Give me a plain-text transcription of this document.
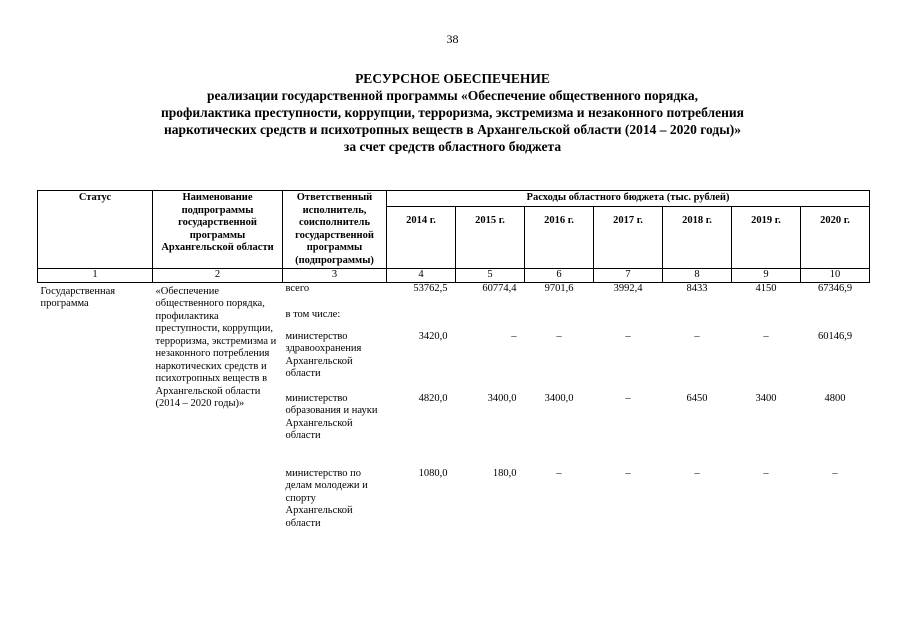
38
РЕСУРСНОЕ ОБЕСПЕЧЕНИЕ
реализации государственной программы «Обеспечение общественного порядка,
профилактика преступности, коррупции, терроризма, экстремизма и незаконного потребления
наркотических средств и психотропных веществ в Архангельской области (2014 – 2020 годы)»
за счет средств областного бюджета
Статус	Наименование подпрограммы государственной программы Архангельской области	Ответственный исполнитель, соисполнитель государственной программы (подпрограммы)	Расходы областного бюджета (тыс. рублей)						
			2014 г.	2015 г.	2016 г.	2017 г.	2018 г.	2019 г.	2020 г.
1	2	3	4	5	6	7	8	9	10
Государственная программа	«Обеспечение общественного порядка, профилактика преступности, коррупции, терроризма, экстремизма и незаконного потребления наркотических средств и психотропных веществ в Архангельской области (2014 – 2020 годы)»	всего	53762,5	60774,4	9701,6	3992,4	8433	4150	67346,9
		в том числе:							
		министерство здравоохранения Архангельской области	3420,0	–	–	–	–	–	60146,9
		министерство образования и науки Архангельской области	4820,0	3400,0	3400,0	–	6450	3400	4800
		министерство по делам молодежи и спорту Архангельской области	1080,0	180,0	–	–	–	–	–
